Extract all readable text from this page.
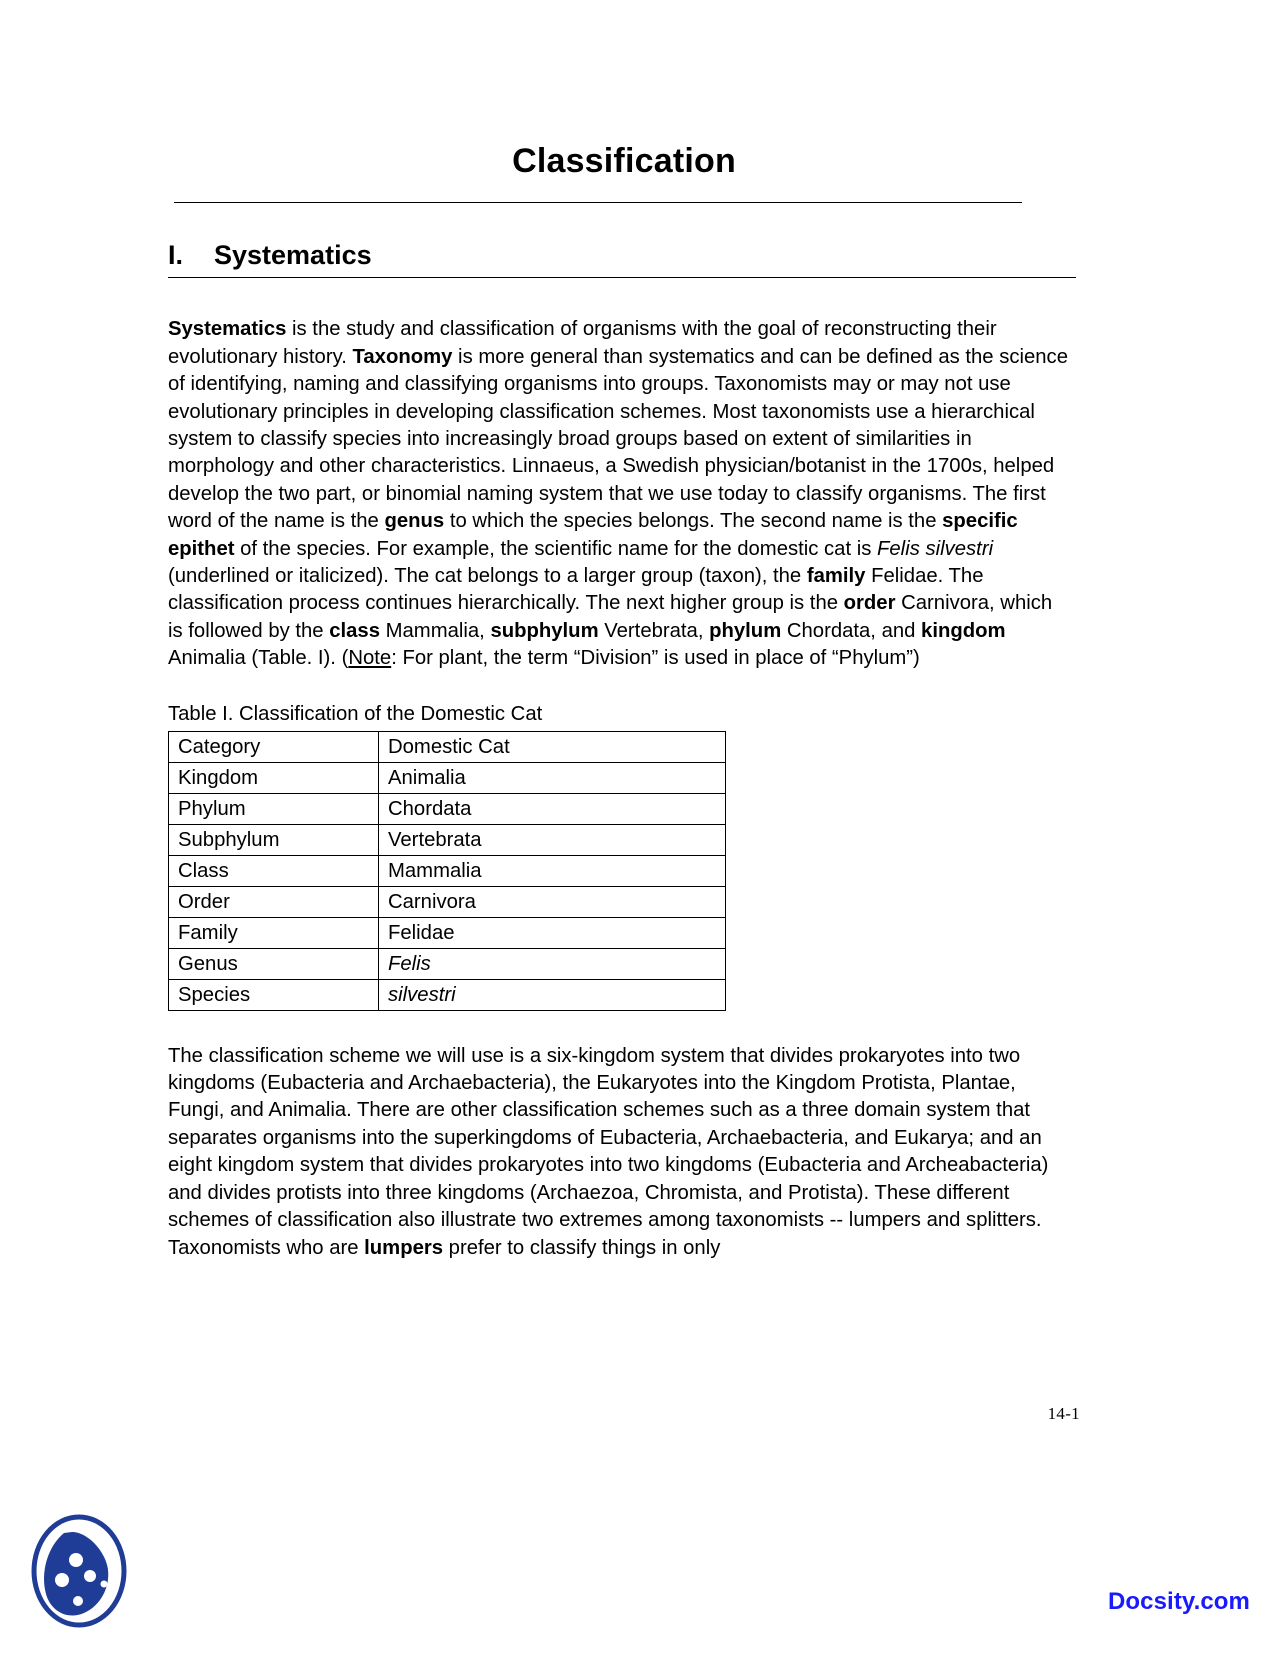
Classification
I.	Systematics

Systematics is the study and classification of organisms with the goal of reconstructing their evolutionary history. Taxonomy is more general than systematics and can be defined as the science of identifying, naming and classifying organisms into groups. Taxonomists may or may not use evolutionary principles in developing classification schemes. Most taxonomists use a hierarchical system to classify species into increasingly broad groups based on extent of similarities in morphology and other characteristics. Linnaeus, a Swedish physician/botanist in the 1700s, helped develop the two part, or binomial naming system that we use today to classify organisms. The first word of the name is the genus to which the species belongs. The second name is the specific epithet of the species. For example, the scientific name for the domestic cat is Felis silvestri (underlined or italicized). The cat belongs to a larger group (taxon), the family Felidae. The classification process continues hierarchically. The next higher group is the order Carnivora, which is followed by the class Mammalia, subphylum Vertebrata, phylum Chordata, and kingdom Animalia (Table. I). (Note: For plant, the term “Division” is used in place of “Phylum”)

Table I. Classification of the Domestic Cat
Category	Domestic Cat
Kingdom	Animalia
Phylum	Chordata
Subphylum	Vertebrata
Class	Mammalia
Order	Carnivora
Family	Felidae
Genus	Felis
Species	silvestri

The classification scheme we will use is a six-kingdom system that divides prokaryotes into two kingdoms (Eubacteria and Archaebacteria), the Eukaryotes into the Kingdom Protista, Plantae, Fungi, and Animalia. There are other classification schemes such as a three domain system that separates organisms into the superkingdoms of Eubacteria, Archaebacteria, and Eukarya; and an eight kingdom system that divides prokaryotes into two kingdoms (Eubacteria and Archeabacteria) and divides protists into three kingdoms (Archaezoa, Chromista, and Protista). These different schemes of classification also illustrate two extremes among taxonomists -- lumpers and splitters. Taxonomists who are lumpers prefer to classify things in only

14-1
Docsity.com
